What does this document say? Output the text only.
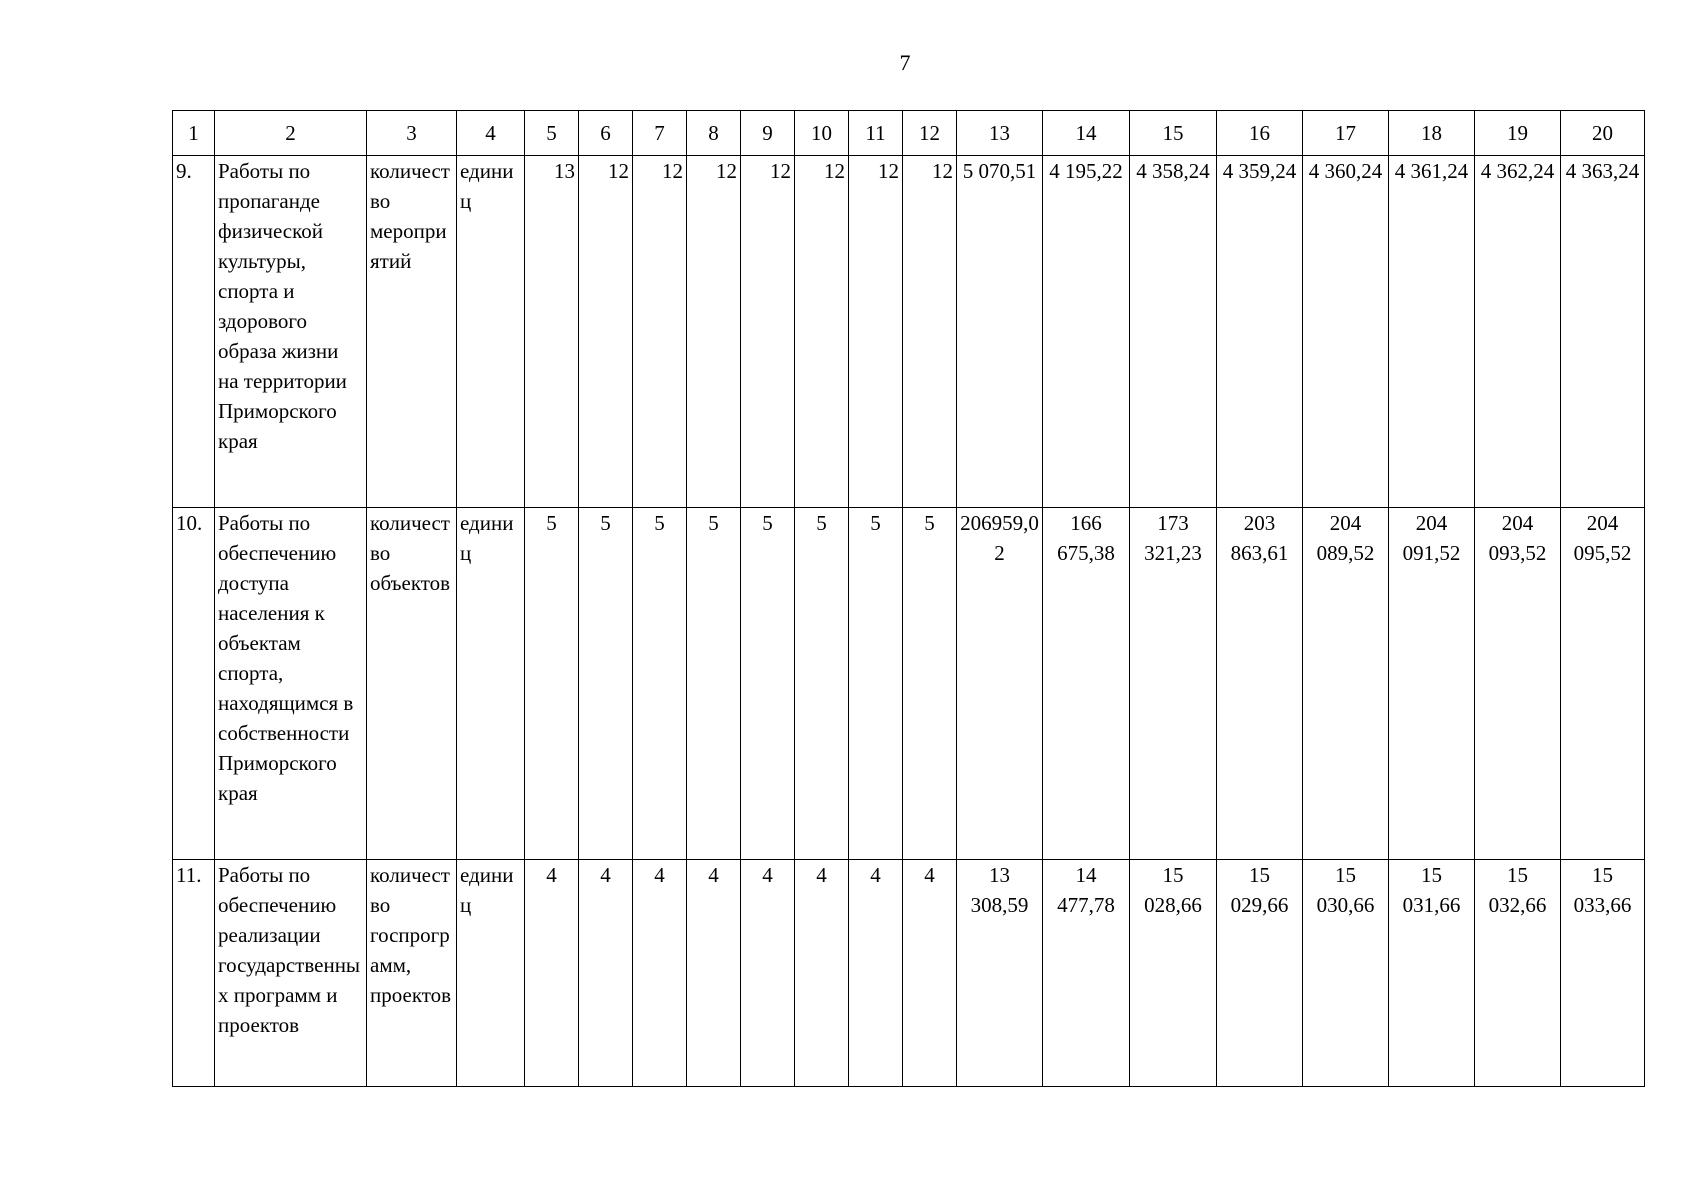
7
1	2	3	4	5	6	7	8	9	10	11	12	13	14	15	16	17	18	19	20
9.	Работы по пропаганде физической культуры, спорта и здорового образа жизни на территории Приморского края	количество мероприятий	единиц	13	12	12	12	12	12	12	12	5 070,51	4 195,22	4 358,24	4 359,24	4 360,24	4 361,24	4 362,24	4 363,24
10.	Работы по обеспечению доступа населения к объектам спорта, находящимся в собственности Приморского края	количество объектов	единиц	5	5	5	5	5	5	5	5	206959,02	166 675,38	173 321,23	203 863,61	204 089,52	204 091,52	204 093,52	204 095,52
11.	Работы по обеспечению реализации государственных программ и проектов	количество госпрограмм, проектов	единиц	4	4	4	4	4	4	4	4	13 308,59	14 477,78	15 028,66	15 029,66	15 030,66	15 031,66	15 032,66	15 033,66
